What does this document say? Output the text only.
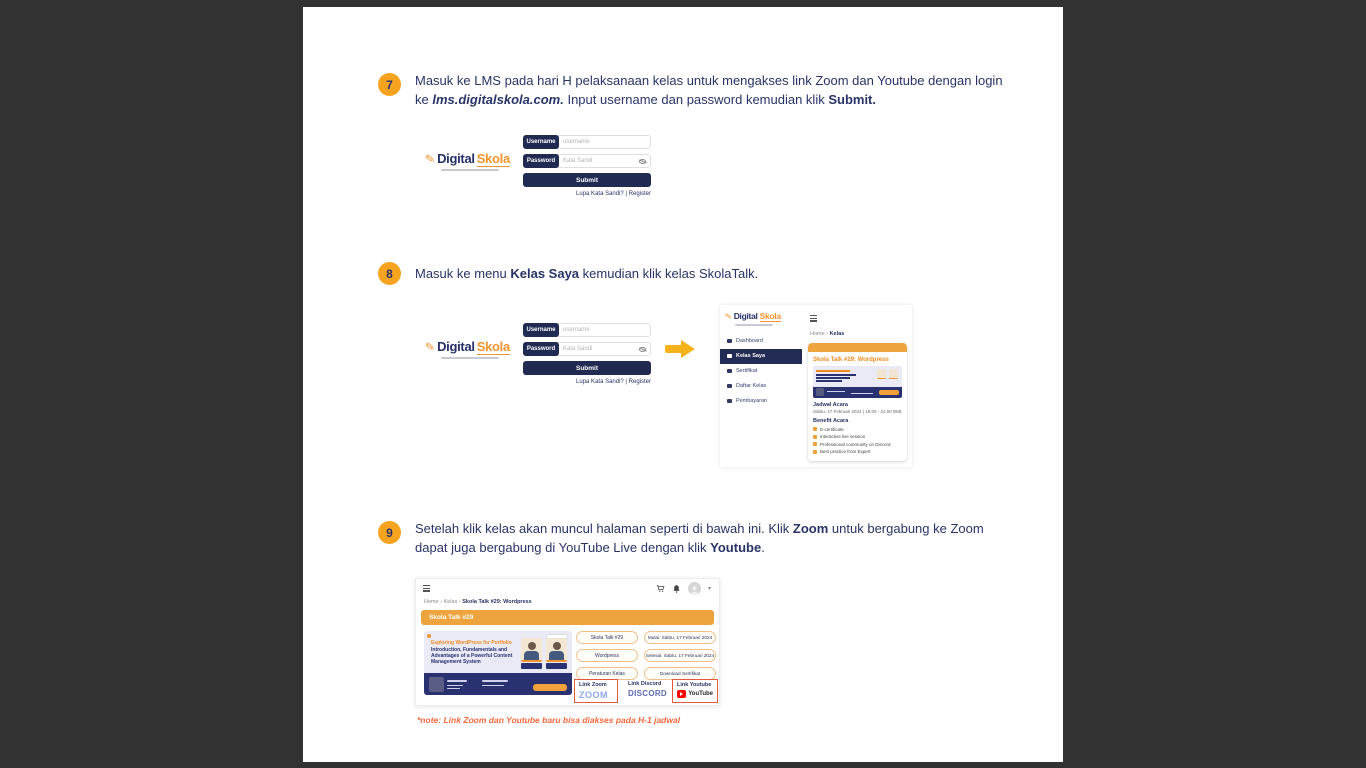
7 Masuk ke LMS pada hari H pelaksanaan kelas untuk mengakses link Zoom dan Youtube dengan login ke lms.digitalskola.com. Input username dan password kemudian klik Submit.
✎ Digital Skola
Username	username
Password	Kata Sandi
Submit
Lupa Kata Sandi? | Register
8 Masuk ke menu Kelas Saya kemudian klik kelas SkolaTalk.
✎ Digital Skola
Username	username
Password	Kata Sandi
Submit
Lupa Kata Sandi? | Register
✎ Digital Skola
Dashboard
Kelas Saya
Sertifikat
Daftar Kelas
Pembayaran
Home › Kelas
Skola Talk #29: Wordpress
Jadwal Acara
Sabtu, 17 Februari 2024 | 19.00 - 21.00 WIB
Benefit Acara
E-certificate
Interactive live session
Professional community on Discord
Best practice from Expert
9 Setelah klik kelas akan muncul halaman seperti di bawah ini. Klik Zoom untuk bergabung ke Zoom dapat juga bergabung di YouTube Live dengan klik Youtube.
▾
Home › Kelas › Skola Talk #29: Wordpress
Skola Talk #29
Exploring WordPress for Portfolio
Introduction, Fundamentals and Advantages of a Powerful Content Management System
Skola Talk #29
Wordpress
Peraturan Kelas
Mulai: Sabtu, 17 Februari 2024
Selesai: Sabtu, 17 Februari 2024
Download Sertifikat
Link Zoom
ZOOM
Link Discord
DISCORD
Link Youtube
YouTube
*note: Link Zoom dan Youtube baru bisa diakses pada H-1 jadwal
